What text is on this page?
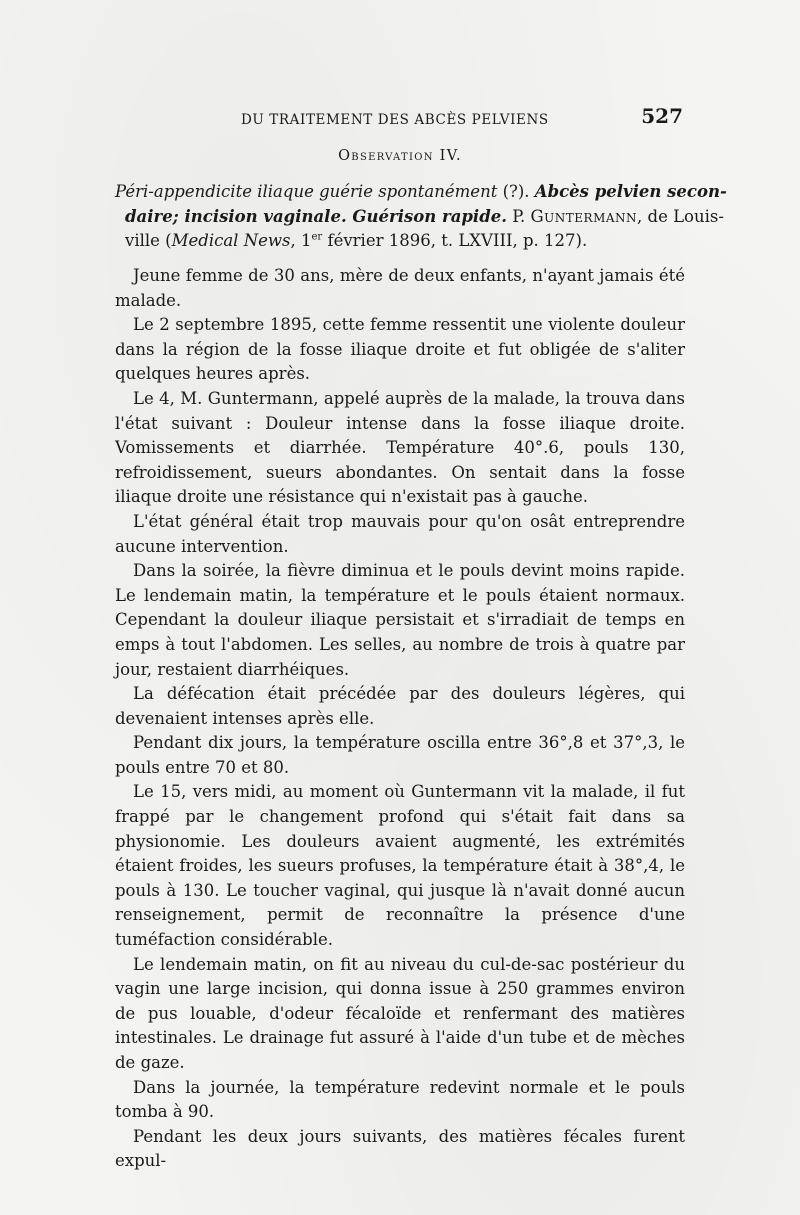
DU TRAITEMENT DES ABCÈS PELVIENS	527
Observation IV.
Péri-appendicite iliaque guérie spontanément (?). Abcès pelvien secon-
daire; incision vaginale. Guérison rapide. P. Guntermann, de Louis-
ville (Medical News, 1er février 1896, t. LXVIII, p. 127).

Jeune femme de 30 ans, mère de deux enfants, n'ayant jamais été malade.

Le 2 septembre 1895, cette femme ressentit une violente douleur dans la région de la fosse iliaque droite et fut obligée de s'aliter quelques heures après.

Le 4, M. Guntermann, appelé auprès de la malade, la trouva dans l'état suivant : Douleur intense dans la fosse iliaque droite. Vomissements et diarrhée. Température 40°.6, pouls 130, refroidissement, sueurs abondantes. On sentait dans la fosse iliaque droite une résistance qui n'existait pas à gauche.

L'état général était trop mauvais pour qu'on osât entreprendre aucune intervention.

Dans la soirée, la fièvre diminua et le pouls devint moins rapide. Le lendemain matin, la température et le pouls étaient normaux. Cependant la douleur iliaque persistait et s'irradiait de temps en emps à tout l'abdomen. Les selles, au nombre de trois à quatre par jour, restaient diarrhéiques.

La défécation était précédée par des douleurs légères, qui devenaient intenses après elle.

Pendant dix jours, la température oscilla entre 36°,8 et 37°,3, le pouls entre 70 et 80.

Le 15, vers midi, au moment où Guntermann vit la malade, il fut frappé par le changement profond qui s'était fait dans sa physionomie. Les douleurs avaient augmenté, les extrémités étaient froides, les sueurs profuses, la température était à 38°,4, le pouls à 130. Le toucher vaginal, qui jusque là n'avait donné aucun renseignement, permit de reconnaître la présence d'une tuméfaction considérable.

Le lendemain matin, on fit au niveau du cul-de-sac postérieur du vagin une large incision, qui donna issue à 250 grammes environ de pus louable, d'odeur fécaloïde et renfermant des matières intestinales. Le drainage fut assuré à l'aide d'un tube et de mèches de gaze.

Dans la journée, la température redevint normale et le pouls tomba à 90.

Pendant les deux jours suivants, des matières fécales furent expul-
